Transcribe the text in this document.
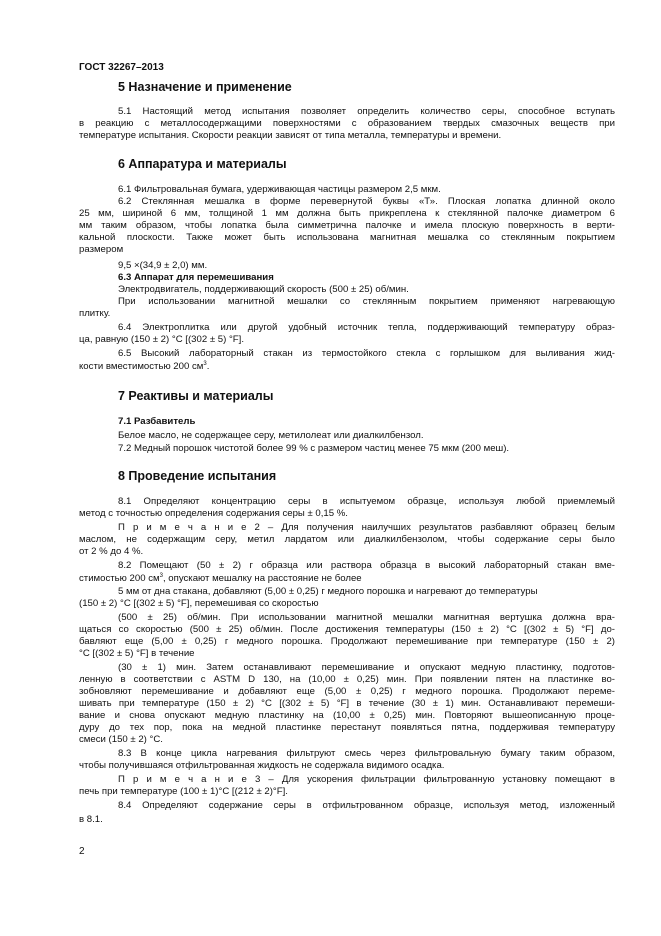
ГОСТ 32267–2013
5 Назначение и применение
5.1 Настоящий метод испытания позволяет определить количество серы, способное вступать
в реакцию с металлосодержащими поверхностями с образованием твердых смазочных веществ при
температуре испытания. Скорости реакции зависят от типа металла, температуры и времени.
6 Аппаратура и материалы
6.1 Фильтровальная бумага, удерживающая частицы размером 2,5 мкм.
6.2 Стеклянная мешалка в форме перевернутой буквы «Т». Плоская лопатка длинной около
25 мм, шириной 6 мм, толщиной 1 мм должна быть прикреплена к стеклянной палочке диаметром 6
мм таким образом, чтобы лопатка была симметрична палочке и имела плоскую поверхность в верти-
кальной плоскости. Также может быть использована магнитная мешалка со стеклянным покрытием
размером
9,5 ×(34,9 ± 2,0) мм.
6.3 Аппарат для перемешивания
Электродвигатель, поддерживающий скорость (500 ± 25) об/мин.
При использовании магнитной мешалки со стеклянным покрытием применяют нагревающую
плитку.
6.4 Электроплитка или другой удобный источник тепла, поддерживающий температуру образ-
ца, равную (150 ± 2) °С [(302 ± 5) °F].
6.5 Высокий лабораторный стакан из термостойкого стекла с горлышком для выливания жид-
кости вместимостью 200 $см^3$.
7 Реактивы и материалы
7.1 Разбавитель
Белое масло, не содержащее серу, метилолеат или диалкилбензол.
7.2 Медный порошок чистотой более 99 % с размером частиц менее 75 мкм (200 меш).
8 Проведение испытания
8.1 Определяют концентрацию серы в испытуемом образце, используя любой приемлемый
метод с точностью определения содержания серы ± 0,15 %.
П р и м е ч а н и е 2 – Для получения наилучших результатов разбавляют образец белым
маслом, не содержащим серу, метил лардатом или диалкилбензолом, чтобы содержание серы было
от 2 % до 4 %.
8.2 Помещают (50 ± 2) г образца или раствора образца в высокий лабораторный стакан вме-
стимостью 200 $см^3$, опускают мешалку на расстояние не более
5 мм от дна стакана, добавляют (5,00 ± 0,25) г медного порошка и нагревают до температуры
(150 ± 2) °С [(302 ± 5) °F], перемешивая со скоростью
(500 ± 25) об/мин. При использовании магнитной мешалки магнитная вертушка должна вра-
щаться со скоростью (500 ± 25) об/мин. После достижения температуры (150 ± 2) °С [(302 ± 5) °F] до-
бавляют еще (5,00 ± 0,25) г медного порошка. Продолжают перемешивание при температуре (150 ± 2)
°С [(302 ± 5) °F] в течение
(30 ± 1) мин. Затем останавливают перемешивание и опускают медную пластинку, подготов-
ленную в соответствии с ASTM D 130, на (10,00 ± 0,25) мин. При появлении пятен на пластинке во-
зобновляют перемешивание и добавляют еще (5,00 ± 0,25) г медного порошка. Продолжают переме-
шивать при температуре (150 ± 2) °С [(302 ± 5) °F] в течение (30 ± 1) мин. Останавливают перемеши-
вание и снова опускают медную пластинку на (10,00 ± 0,25) мин. Повторяют вышеописанную проце-
дуру до тех пор, пока на медной пластинке перестанут появляться пятна, поддерживая температуру
смеси (150 ± 2) °С.
8.3 В конце цикла нагревания фильтруют смесь через фильтровальную бумагу таким образом,
чтобы получившаяся отфильтрованная жидкость не содержала видимого осадка.
П р и м е ч а н и е 3 – Для ускорения фильтрации фильтрованную установку помещают в
печь при температуре (100 ± 1)°С [(212 ± 2)°F].
8.4 Определяют содержание серы в отфильтрованном образце, используя метод, изложенный
в 8.1.
2
